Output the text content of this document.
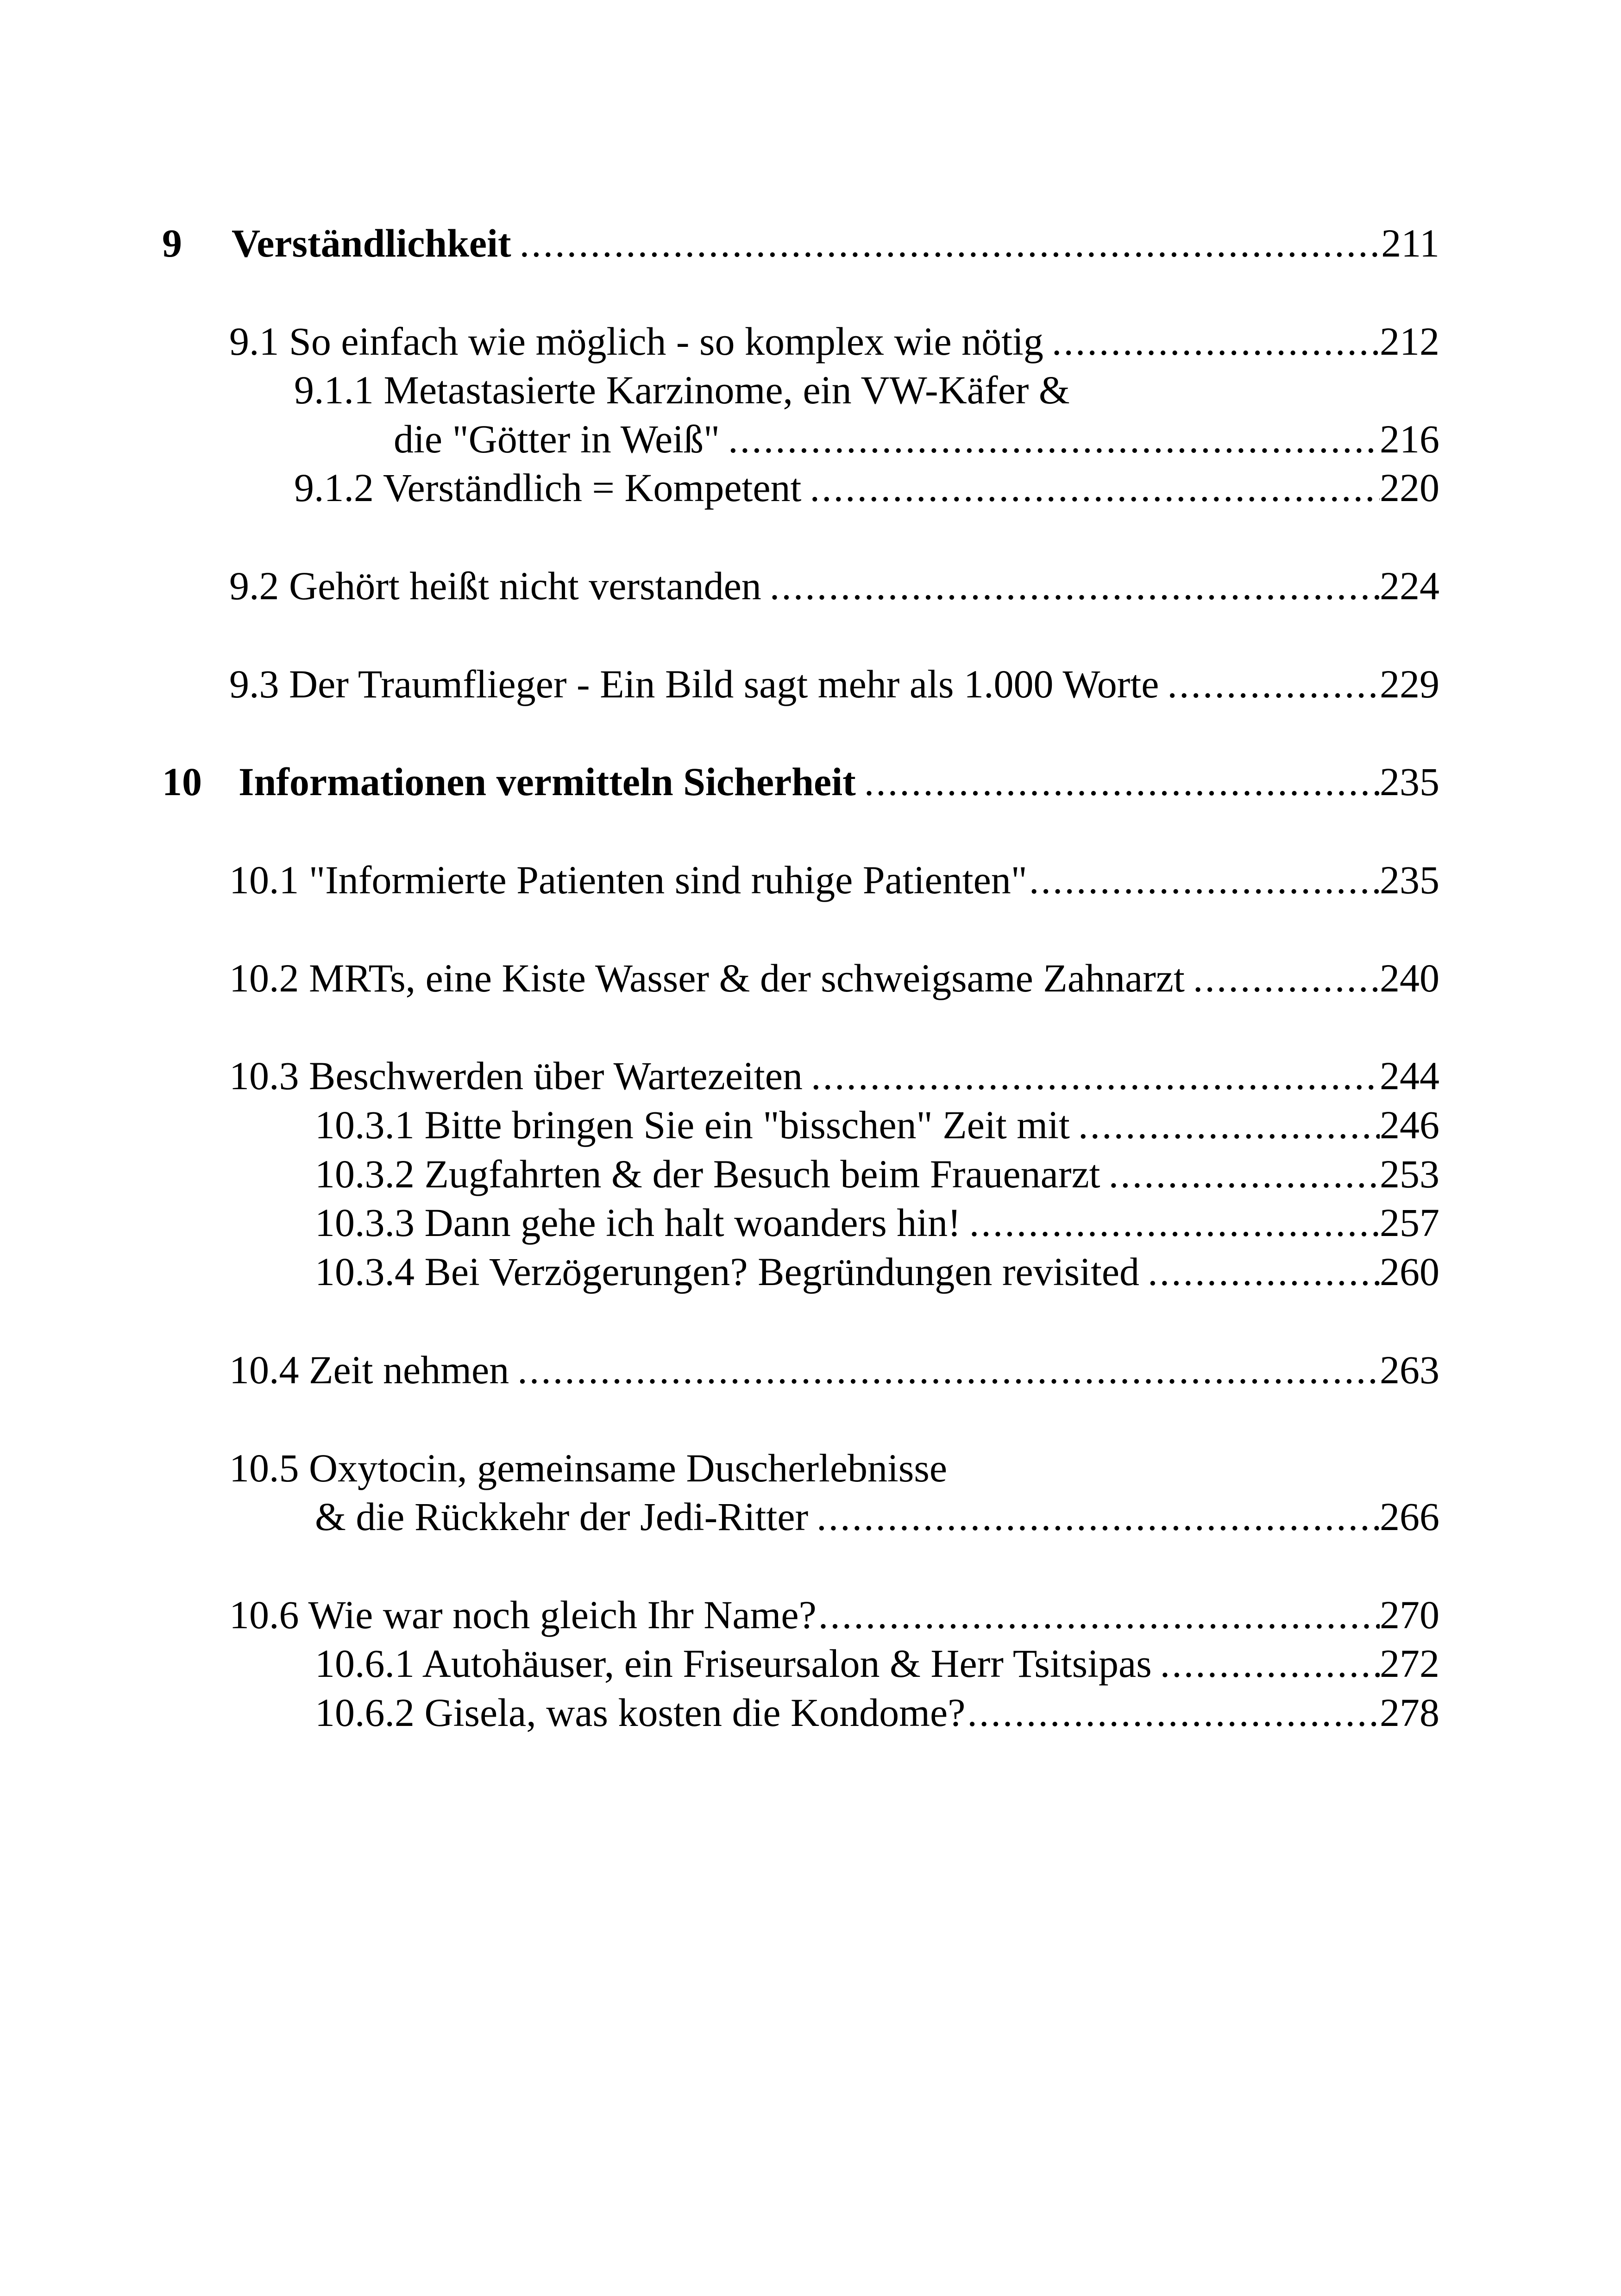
9	Verständlichkeit .....	211
9.1 So einfach wie möglich - so komplex wie nötig .....	212
9.1.1 Metastasierte Karzinome, ein VW-Käfer &
die "Götter in Weiß" .....	216
9.1.2 Verständlich = Kompetent .....	220
9.2 Gehört heißt nicht verstanden .....	224
9.3 Der Traumflieger - Ein Bild sagt mehr als 1.000 Worte .....	229
10 Informationen vermitteln Sicherheit .....	235
10.1 "Informierte Patienten sind ruhige Patienten" .....	235
10.2 MRTs, eine Kiste Wasser & der schweigsame Zahnarzt .....	240
10.3 Beschwerden über Wartezeiten .....	244
10.3.1 Bitte bringen Sie ein "bisschen" Zeit mit .....	246
10.3.2 Zugfahrten & der Besuch beim Frauenarzt .....	253
10.3.3 Dann gehe ich halt woanders hin! .....	257
10.3.4 Bei Verzögerungen? Begründungen revisited .....	260
10.4 Zeit nehmen .....	263
10.5 Oxytocin, gemeinsame Duscherlebnisse
& die Rückkehr der Jedi-Ritter .....	266
10.6 Wie war noch gleich Ihr Name? .....	270
10.6.1 Autohäuser, ein Friseursalon & Herr Tsitsipas .....	272
10.6.2 Gisela, was kosten die Kondome? .....	278
